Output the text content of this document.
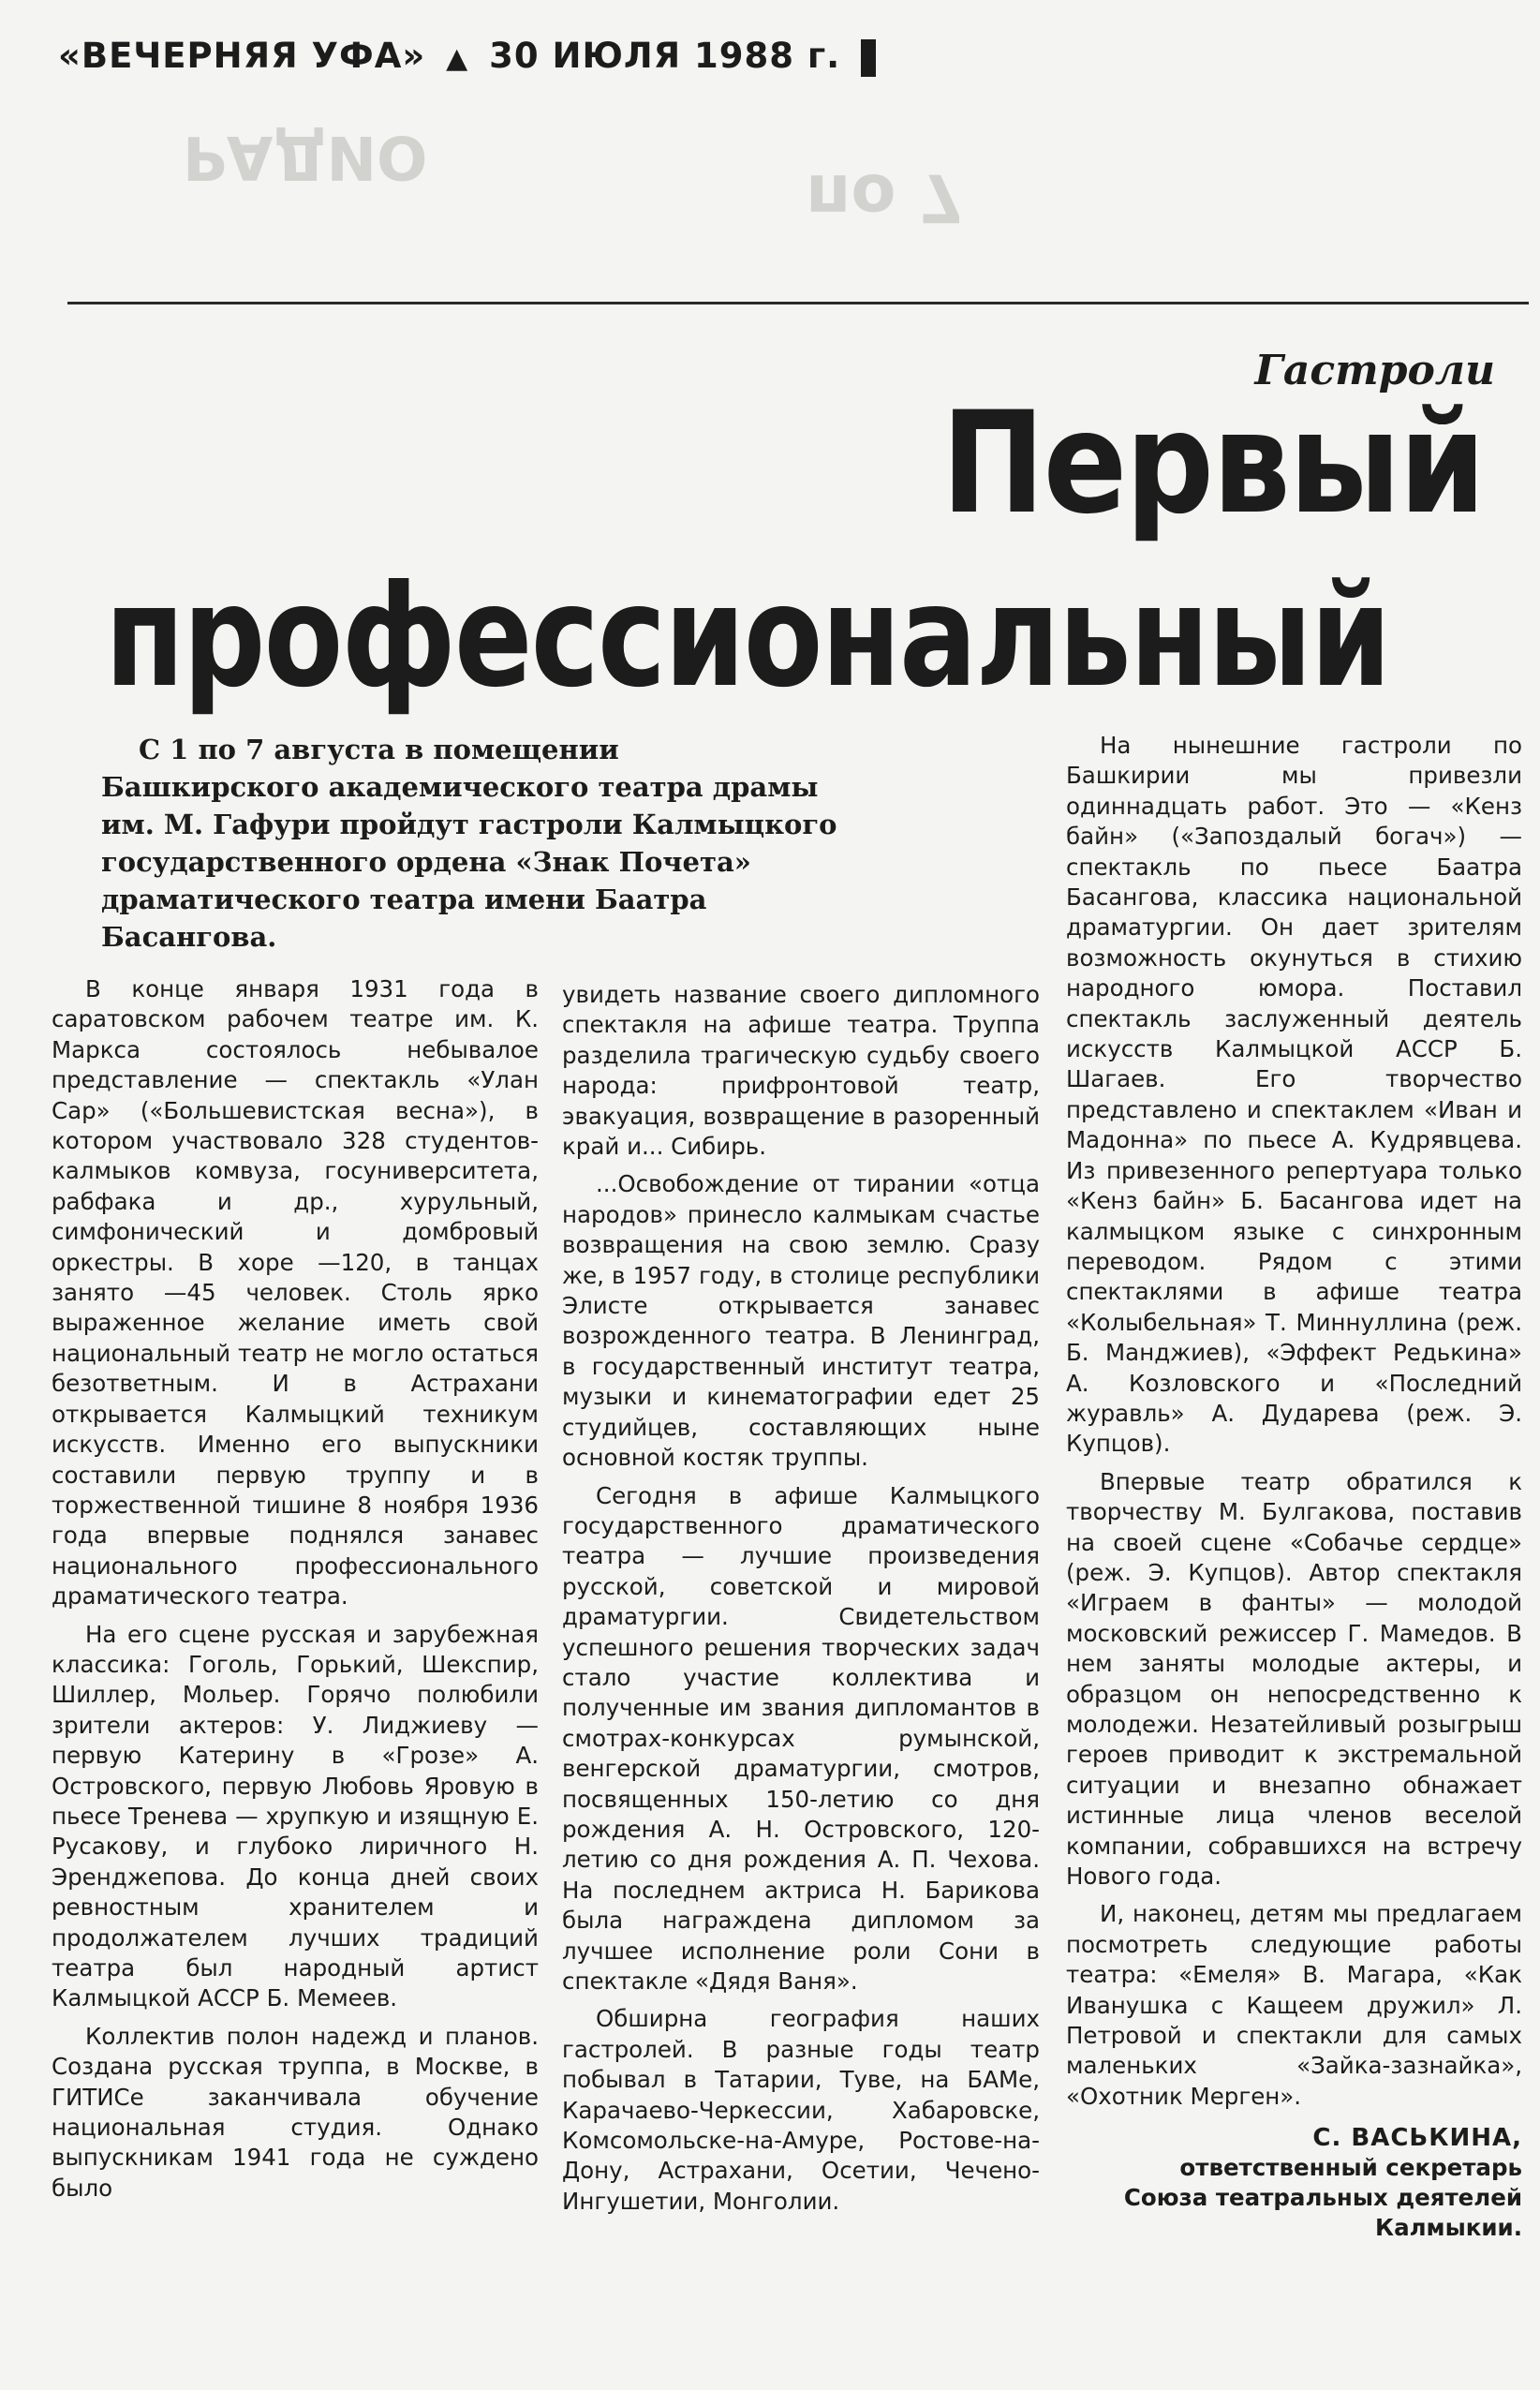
РАДИО
по 7
«ВЕЧЕРНЯЯ УФА» ▲ 30 ИЮЛЯ 1988 г.
Гастроли
Первый
профессиональный
С 1 по 7 августа в помещении Башкирского академического театра драмы им. М. Гафури пройдут гастроли Калмыцкого государственного ордена «Знак Почета» драматического театра имени Баатра Басангова.

В конце января 1931 года в саратовском рабочем театре им. К. Маркса состоялось небывалое представление — спектакль «Улан Сар» («Большевистская весна»), в котором участвовало 328 студентов-калмыков комвуза, госуниверситета, рабфака и др., хурульный, симфонический и домбровый оркестры. В хоре —120, в танцах занято —45 человек. Столь ярко выраженное желание иметь свой национальный театр не могло остаться безответным. И в Астрахани открывается Калмыцкий техникум искусств. Именно его выпускники составили первую труппу и в торжественной тишине 8 ноября 1936 года впервые поднялся занавес национального профессионального драматического театра.

На его сцене русская и зарубежная классика: Гоголь, Горький, Шекспир, Шиллер, Мольер. Горячо полюбили зрители актеров: У. Лиджиеву — первую Катерину в «Грозе» А. Островского, первую Любовь Яровую в пьесе Тренева — хрупкую и изящную Е. Русакову, и глубоко лиричного Н. Эренджепова. До конца дней своих ревностным хранителем и продолжателем лучших традиций театра был народный артист Калмыцкой АССР Б. Мемеев.

Коллектив полон надежд и планов. Создана русская труппа, в Москве, в ГИТИСе заканчивала обучение национальная студия. Однако выпускникам 1941 года не суждено было

увидеть название своего дипломного спектакля на афише театра. Труппа разделила трагическую судьбу своего народа: прифронтовой театр, эвакуация, возвращение в разоренный край и... Сибирь.

...Освобождение от тирании «отца народов» принесло калмыкам счастье возвращения на свою землю. Сразу же, в 1957 году, в столице республики Элисте открывается занавес возрожденного театра. В Ленинград, в государственный институт театра, музыки и кинематографии едет 25 студийцев, составляющих ныне основной костяк труппы.

Сегодня в афише Калмыцкого государственного драматического театра — лучшие произведения русской, советской и мировой драматургии. Свидетельством успешного решения творческих задач стало участие коллектива и полученные им звания дипломантов в смотрах-конкурсах румынской, венгерской драматургии, смотров, посвященных 150-летию со дня рождения А. Н. Островского, 120-летию со дня рождения А. П. Чехова. На последнем актриса Н. Барикова была награждена дипломом за лучшее исполнение роли Сони в спектакле «Дядя Ваня».

Обширна география наших гастролей. В разные годы театр побывал в Татарии, Туве, на БАМе, Карачаево-Черкессии, Хабаровске, Комсомольске-на-Амуре, Ростове-на-Дону, Астрахани, Осетии, Чечено-Ингушетии, Монголии.

На нынешние гастроли по Башкирии мы привезли одиннадцать работ. Это — «Кенз байн» («Запоздалый богач») — спектакль по пьесе Баатра Басангова, классика национальной драматургии. Он дает зрителям возможность окунуться в стихию народного юмора. Поставил спектакль заслуженный деятель искусств Калмыцкой АССР Б. Шагаев. Его творчество представлено и спектаклем «Иван и Мадонна» по пьесе А. Кудрявцева. Из привезенного репертуара только «Кенз байн» Б. Басангова идет на калмыцком языке с синхронным переводом. Рядом с этими спектаклями в афише театра «Колыбельная» Т. Миннуллина (реж. Б. Манджиев), «Эффект Редькина» А. Козловского и «Последний журавль» А. Дударева (реж. Э. Купцов).

Впервые театр обратился к творчеству М. Булгакова, поставив на своей сцене «Собачье сердце» (реж. Э. Купцов). Автор спектакля «Играем в фанты» — молодой московский режиссер Г. Мамедов. В нем заняты молодые актеры, и образцом он непосредственно к молодежи. Незатейливый розыгрыш героев приводит к экстремальной ситуации и внезапно обнажает истинные лица членов веселой компании, собравшихся на встречу Нового года.

И, наконец, детям мы предлагаем посмотреть следующие работы театра: «Емеля» В. Магара, «Как Иванушка с Кащеем дружил» Л. Петровой и спектакли для самых маленьких «Зайка-зазнайка», «Охотник Мерген».

С. ВАСЬКИНА,
ответственный секретарь
Союза театральных деятелей Калмыкии.
